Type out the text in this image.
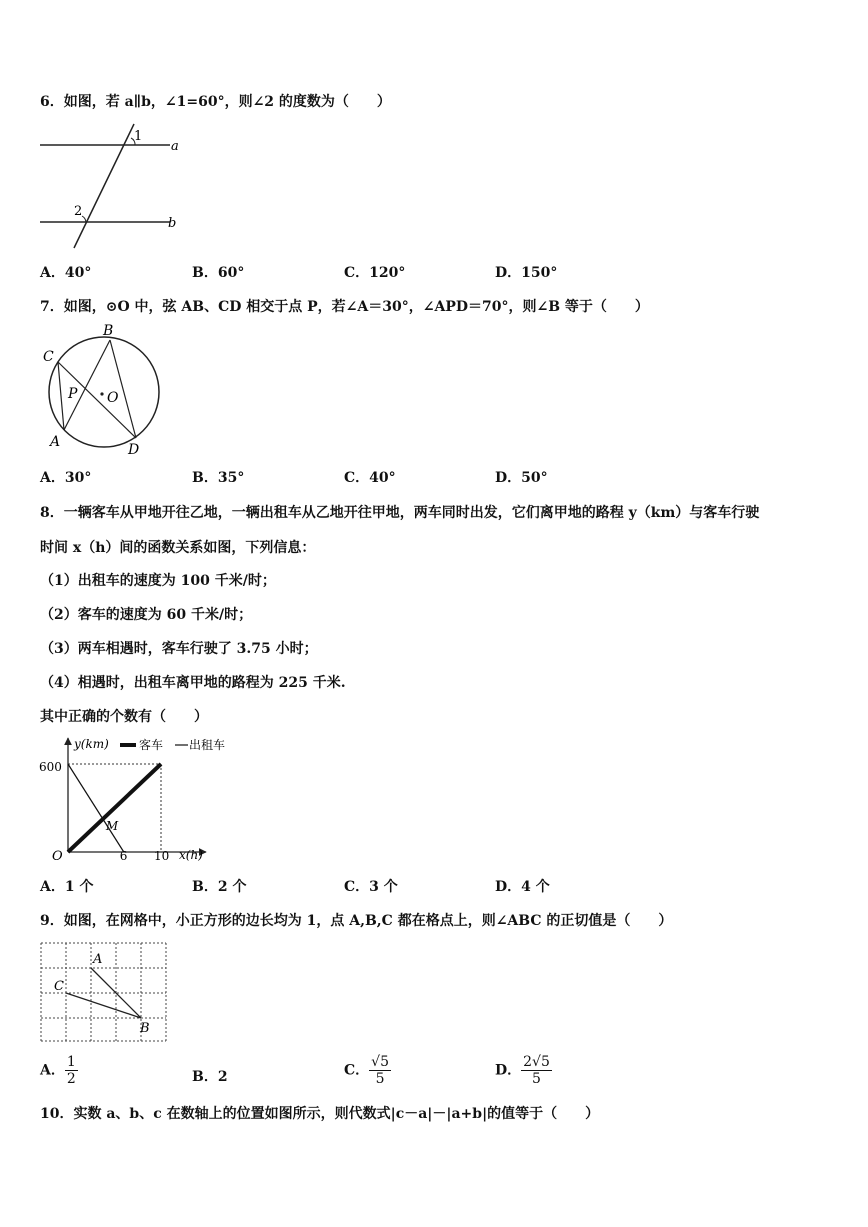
6．如图，若 a∥b，∠1=60°，则∠2 的度数为（　　）
1
2
a
b
A．40°	B．60°	C．120°	D．150°
7．如图，⊙O 中，弦 AB、CD 相交于点 P，若∠A＝30°，∠APD＝70°，则∠B 等于（　　）
B
C
P O
A	D
A．30°	B．35°	C．40°	D．50°
8．一辆客车从甲地开往乙地，一辆出租车从乙地开往甲地，两车同时出发，它们离甲地的路程 y（km）与客车行驶
时间 x（h）间的函数关系如图，下列信息：
（1）出租车的速度为 100 千米/时；
（2）客车的速度为 60 千米/时；
（3）两车相遇时，客车行驶了 3.75 小时；
（4）相遇时，出租车离甲地的路程为 225 千米.
其中正确的个数有（　　）
y(km)
x(h)
600
O	6 10
M
客车 出租车
A．1 个	B．2 个	C．3 个	D．4 个
9．如图，在网格中，小正方形的边长均为 1，点 A,B,C 都在格点上，则∠ABC 的正切值是（　　）
A
C
B
A． $\frac{1}{2}$	B．2	C． $\frac{√5}{5}$	D． $\frac{2√5}{5}$
10．实数 a、b、c 在数轴上的位置如图所示，则代数式|c－a|－|a+b|的值等于（　　）
